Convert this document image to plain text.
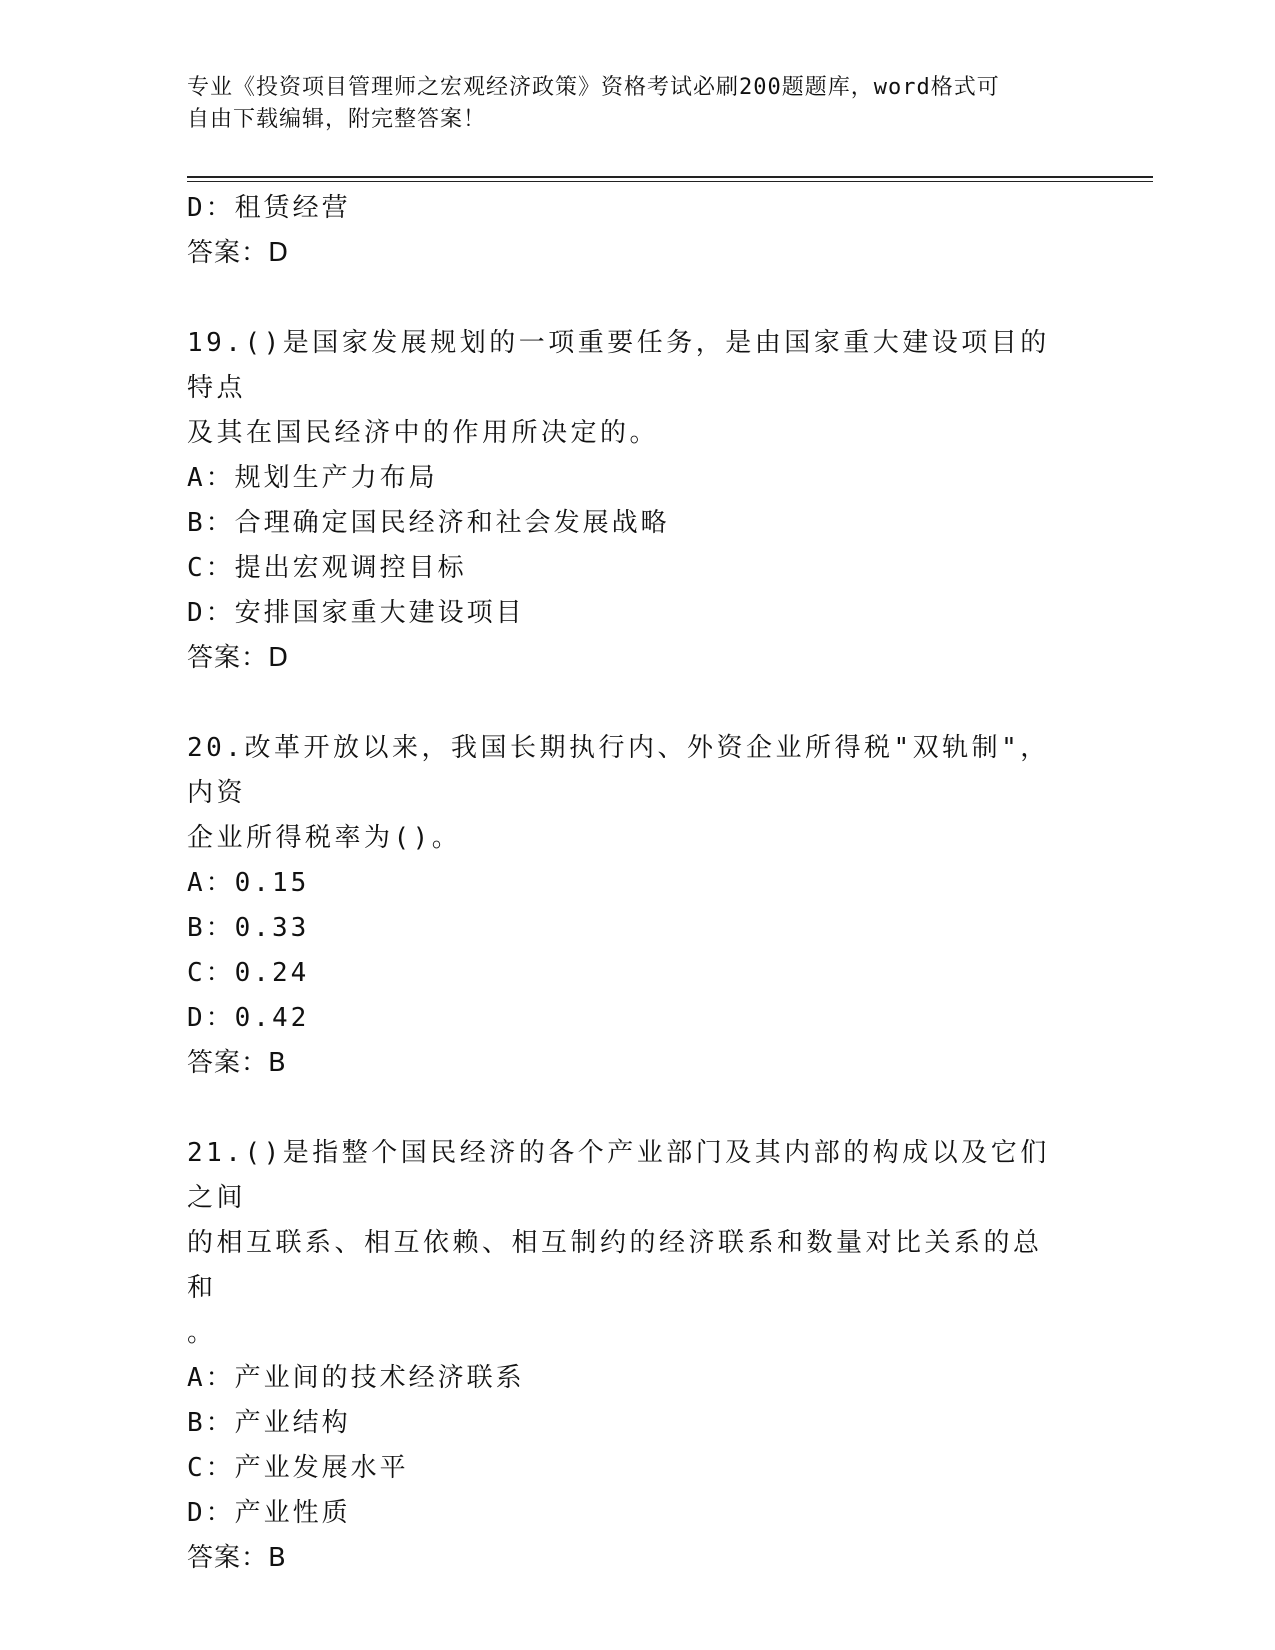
专业《投资项目管理师之宏观经济政策》资格考试必刷200题题库，word格式可
自由下载编辑，附完整答案！
D：租赁经营
答案：D
19.()是国家发展规划的一项重要任务，是由国家重大建设项目的特点
及其在国民经济中的作用所决定的。
A：规划生产力布局
B：合理确定国民经济和社会发展战略
C：提出宏观调控目标
D：安排国家重大建设项目
答案：D
20.改革开放以来，我国长期执行内、外资企业所得税"双轨制"，内资
企业所得税率为()。
A：0.15
B：0.33
C：0.24
D：0.42
答案：B
21.()是指整个国民经济的各个产业部门及其内部的构成以及它们之间
的相互联系、相互依赖、相互制约的经济联系和数量对比关系的总和
。
A：产业间的技术经济联系
B：产业结构
C：产业发展水平
D：产业性质
答案：B
